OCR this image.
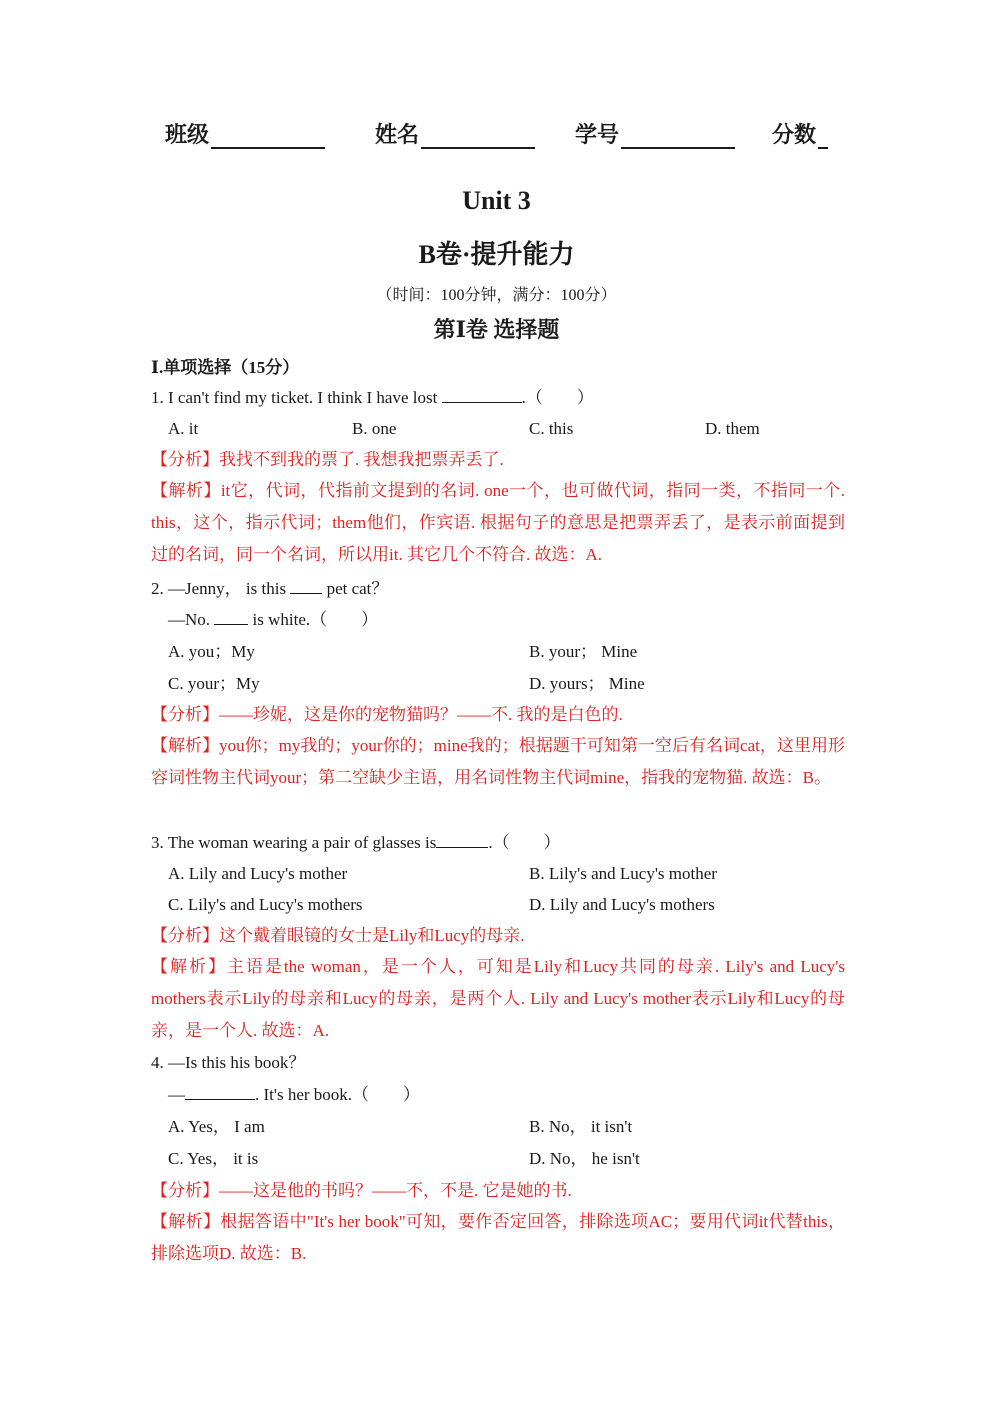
班级	姓名	学号	分数
Unit 3
B卷·提升能力
（时间：100分钟，满分：100分）
第Ⅰ卷 选择题
Ⅰ.单项选择（15分）
1. I can't find my ticket. I think I have lost	.（　　）
A. it	B. one	C. this	D. them
【分析】我找不到我的票了. 我想我把票弄丢了.
【解析】it它，代词，代指前文提到的名词. one一个，也可做代词，指同一类，不指同一个. this，这个，指示代词；them他们，作宾语. 根据句子的意思是把票弄丢了，是表示前面提到过的名词，同一个名词，所以用it. 其它几个不符合. 故选：A.
2. —Jenny， is this  pet cat？
—No.  is white.（　　）
A. you；My	B. your； Mine
C. your；My	D. yours； Mine
【分析】——珍妮，这是你的宠物猫吗？——不. 我的是白色的.
【解析】you你；my我的；your你的；mine我的；根据题干可知第一空后有名词cat，这里用形容词性物主代词your；第二空缺少主语，用名词性物主代词mine，指我的宠物猫. 故选：B。
3. The woman wearing a pair of glasses is	.（　　）
A. Lily and Lucy's mother	B. Lily's and Lucy's mother
C. Lily's and Lucy's mothers	D. Lily and Lucy's mothers
【分析】这个戴着眼镜的女士是Lily和Lucy的母亲.
【解析】主语是the woman，是一个人，可知是Lily和Lucy共同的母亲. Lily's and Lucy's mothers表示Lily的母亲和Lucy的母亲，是两个人. Lily and Lucy's mother表示Lily和Lucy的母亲，是一个人. 故选：A.
4. —Is this his book？
—	. It's her book.（　　）
A. Yes， I am	B. No， it isn't
C. Yes， it is	D. No， he isn't
【分析】——这是他的书吗？——不，不是. 它是她的书.
【解析】根据答语中"It's her book"可知，要作否定回答，排除选项AC；要用代词it代替this，排除选项D. 故选：B.
